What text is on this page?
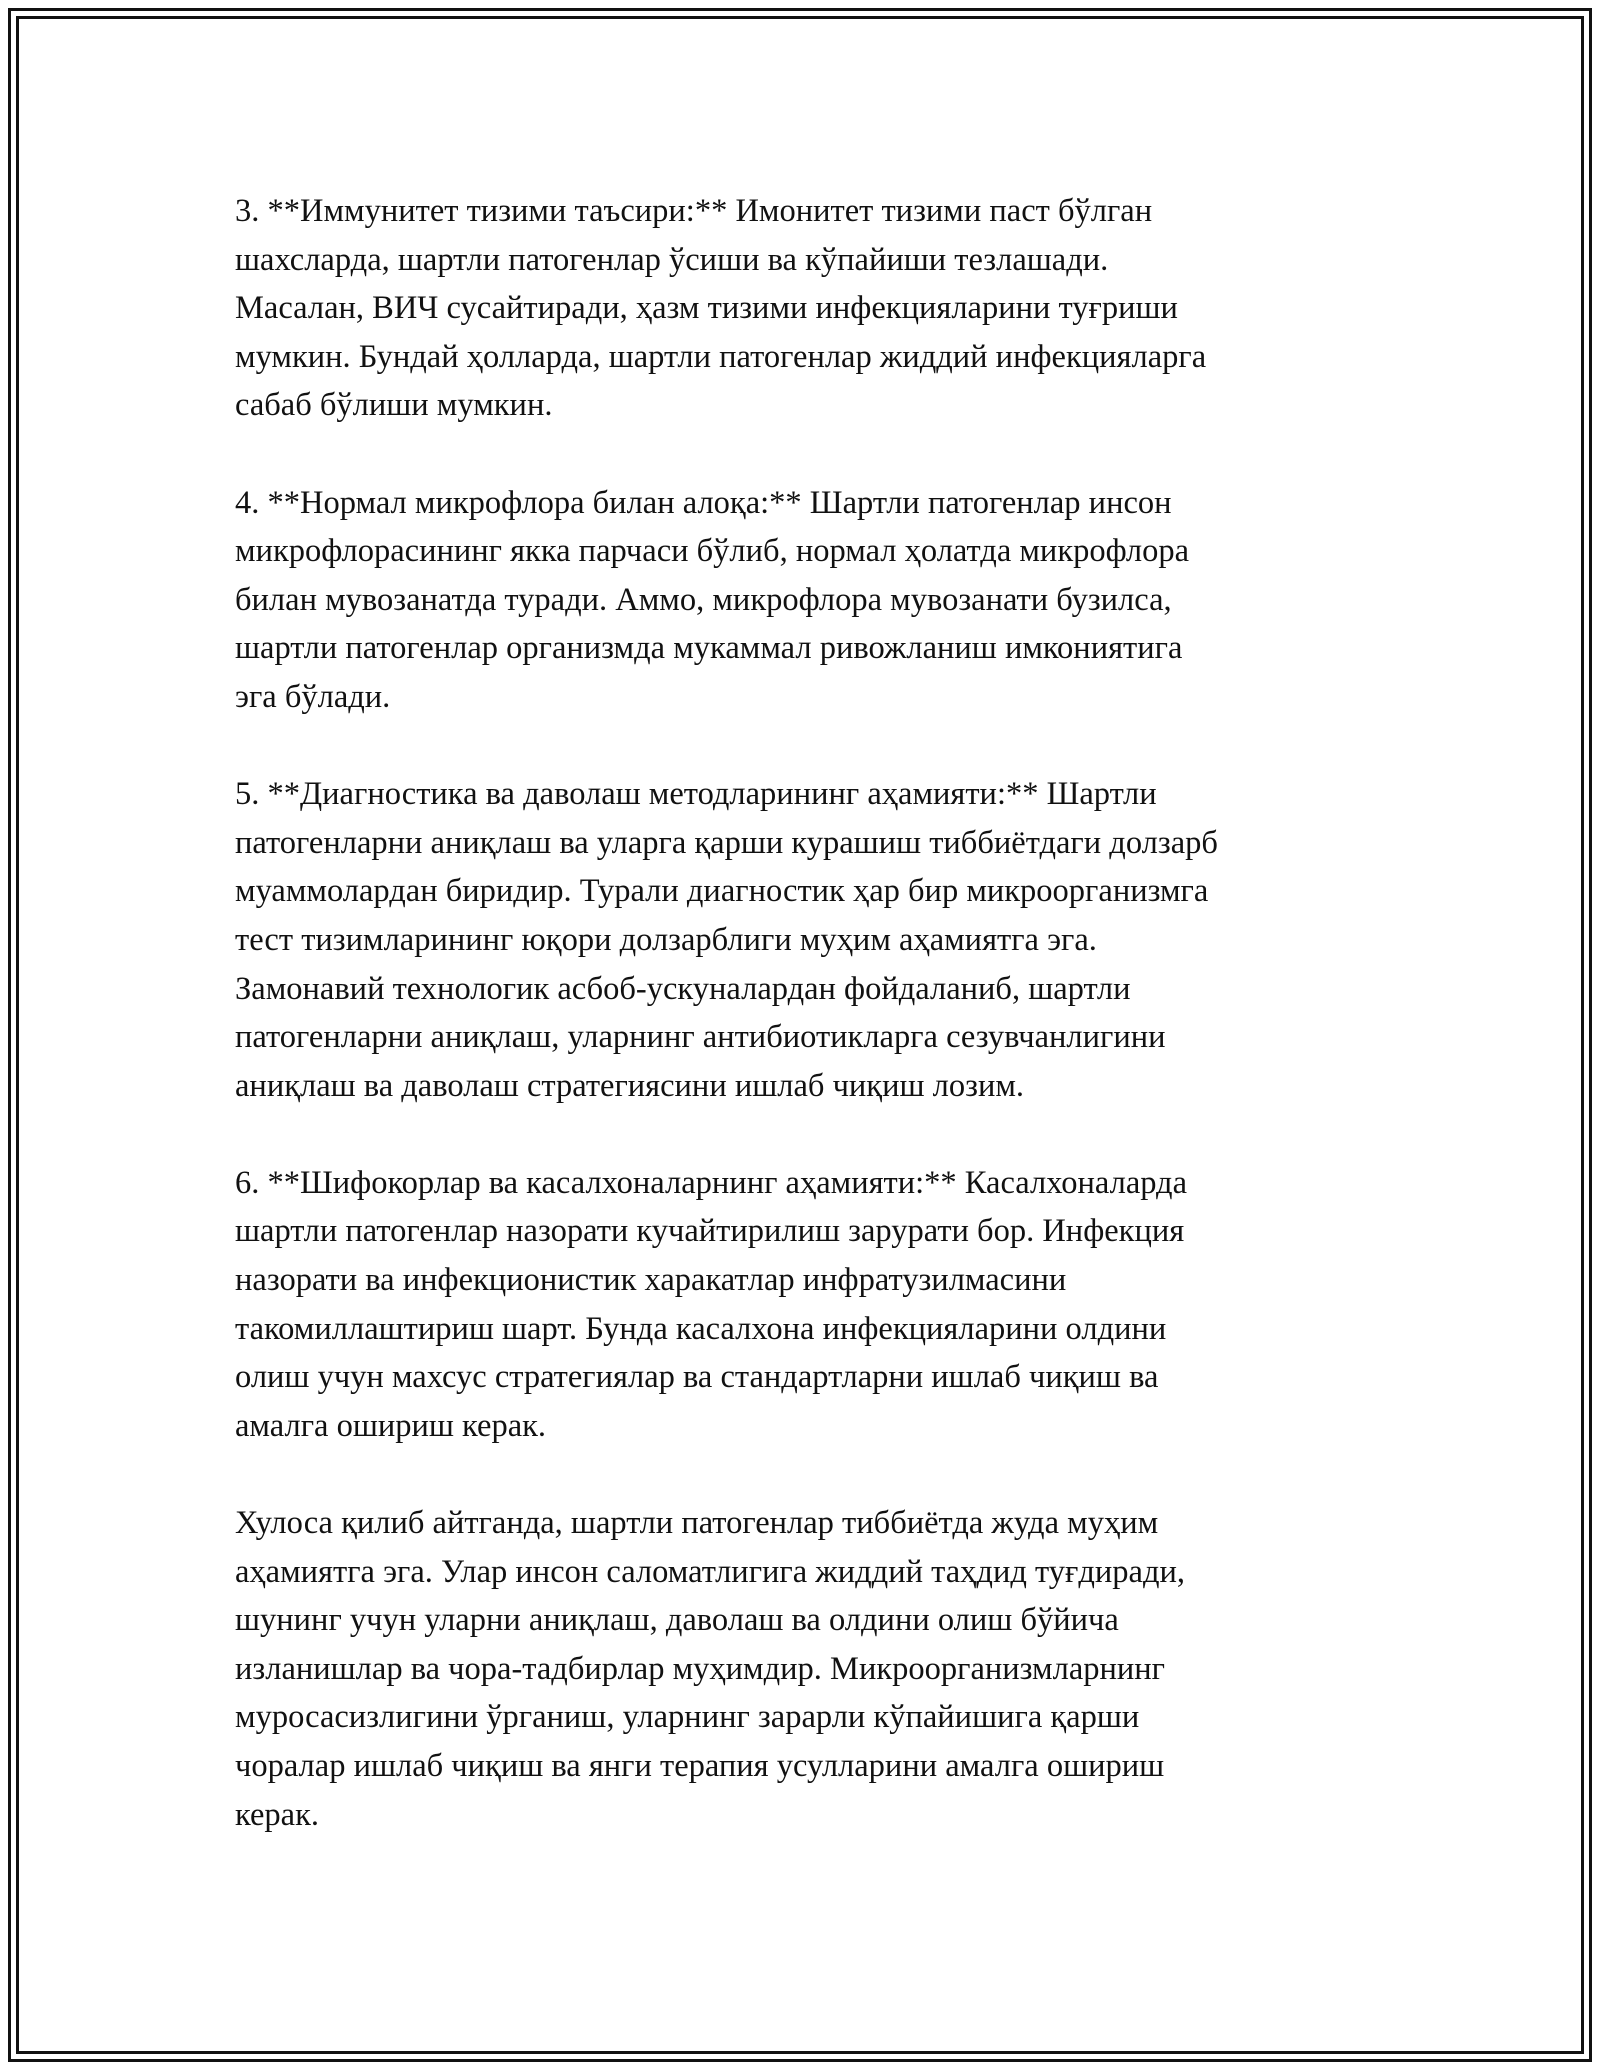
3. **Иммунитет тизими таъсири:** Имонитет тизими паст бўлган
шахсларда, шартли патогенлар ўсиши ва кўпайиши тезлашади.
Масалан, ВИЧ сусайтиради, ҳазм тизими инфекцияларини туғриши
мумкин. Бундай ҳолларда, шартли патогенлар жиддий инфекцияларга
сабаб бўлиши мумкин.

4. **Нормал микрофлора билан алоқа:** Шартли патогенлар инсон
микрофлорасининг якка парчаси бўлиб, нормал ҳолатда микрофлора
билан мувозанатда туради. Аммо, микрофлора мувозанати бузилса,
шартли патогенлар организмда мукаммал ривожланиш имкониятига
эга бўлади.

5. **Диагностика ва даволаш методларининг аҳамияти:** Шартли
патогенларни аниқлаш ва уларга қарши курашиш тиббиётдаги долзарб
муаммолардан биридир. Турали диагностик ҳар бир микроорганизмга
тест тизимларининг юқори долзарблиги муҳим аҳамиятга эга.
Замонавий технологик асбоб-ускуналардан фойдаланиб, шартли
патогенларни аниқлаш, уларнинг антибиотикларга сезувчанлигини
аниқлаш ва даволаш стратегиясини ишлаб чиқиш лозим.

6. **Шифокорлар ва касалхоналарнинг аҳамияти:** Касалхоналарда
шартли патогенлар назорати кучайтирилиш зарурати бор. Инфекция
назорати ва инфекционистик харакатлар инфратузилмасини
такомиллаштириш шарт. Бунда касалхона инфекцияларини олдини
олиш учун махсус стратегиялар ва стандартларни ишлаб чиқиш ва
амалга ошириш керак.

Хулоса қилиб айтганда, шартли патогенлар тиббиётда жуда муҳим
аҳамиятга эга. Улар инсон саломатлигига жиддий таҳдид туғдиради,
шунинг учун уларни аниқлаш, даволаш ва олдини олиш бўйича
изланишлар ва чора-тадбирлар муҳимдир. Микроорганизмларнинг
муросасизлигини ўрганиш, уларнинг зарарли кўпайишига қарши
чоралар ишлаб чиқиш ва янги терапия усулларини амалга ошириш
керак.
